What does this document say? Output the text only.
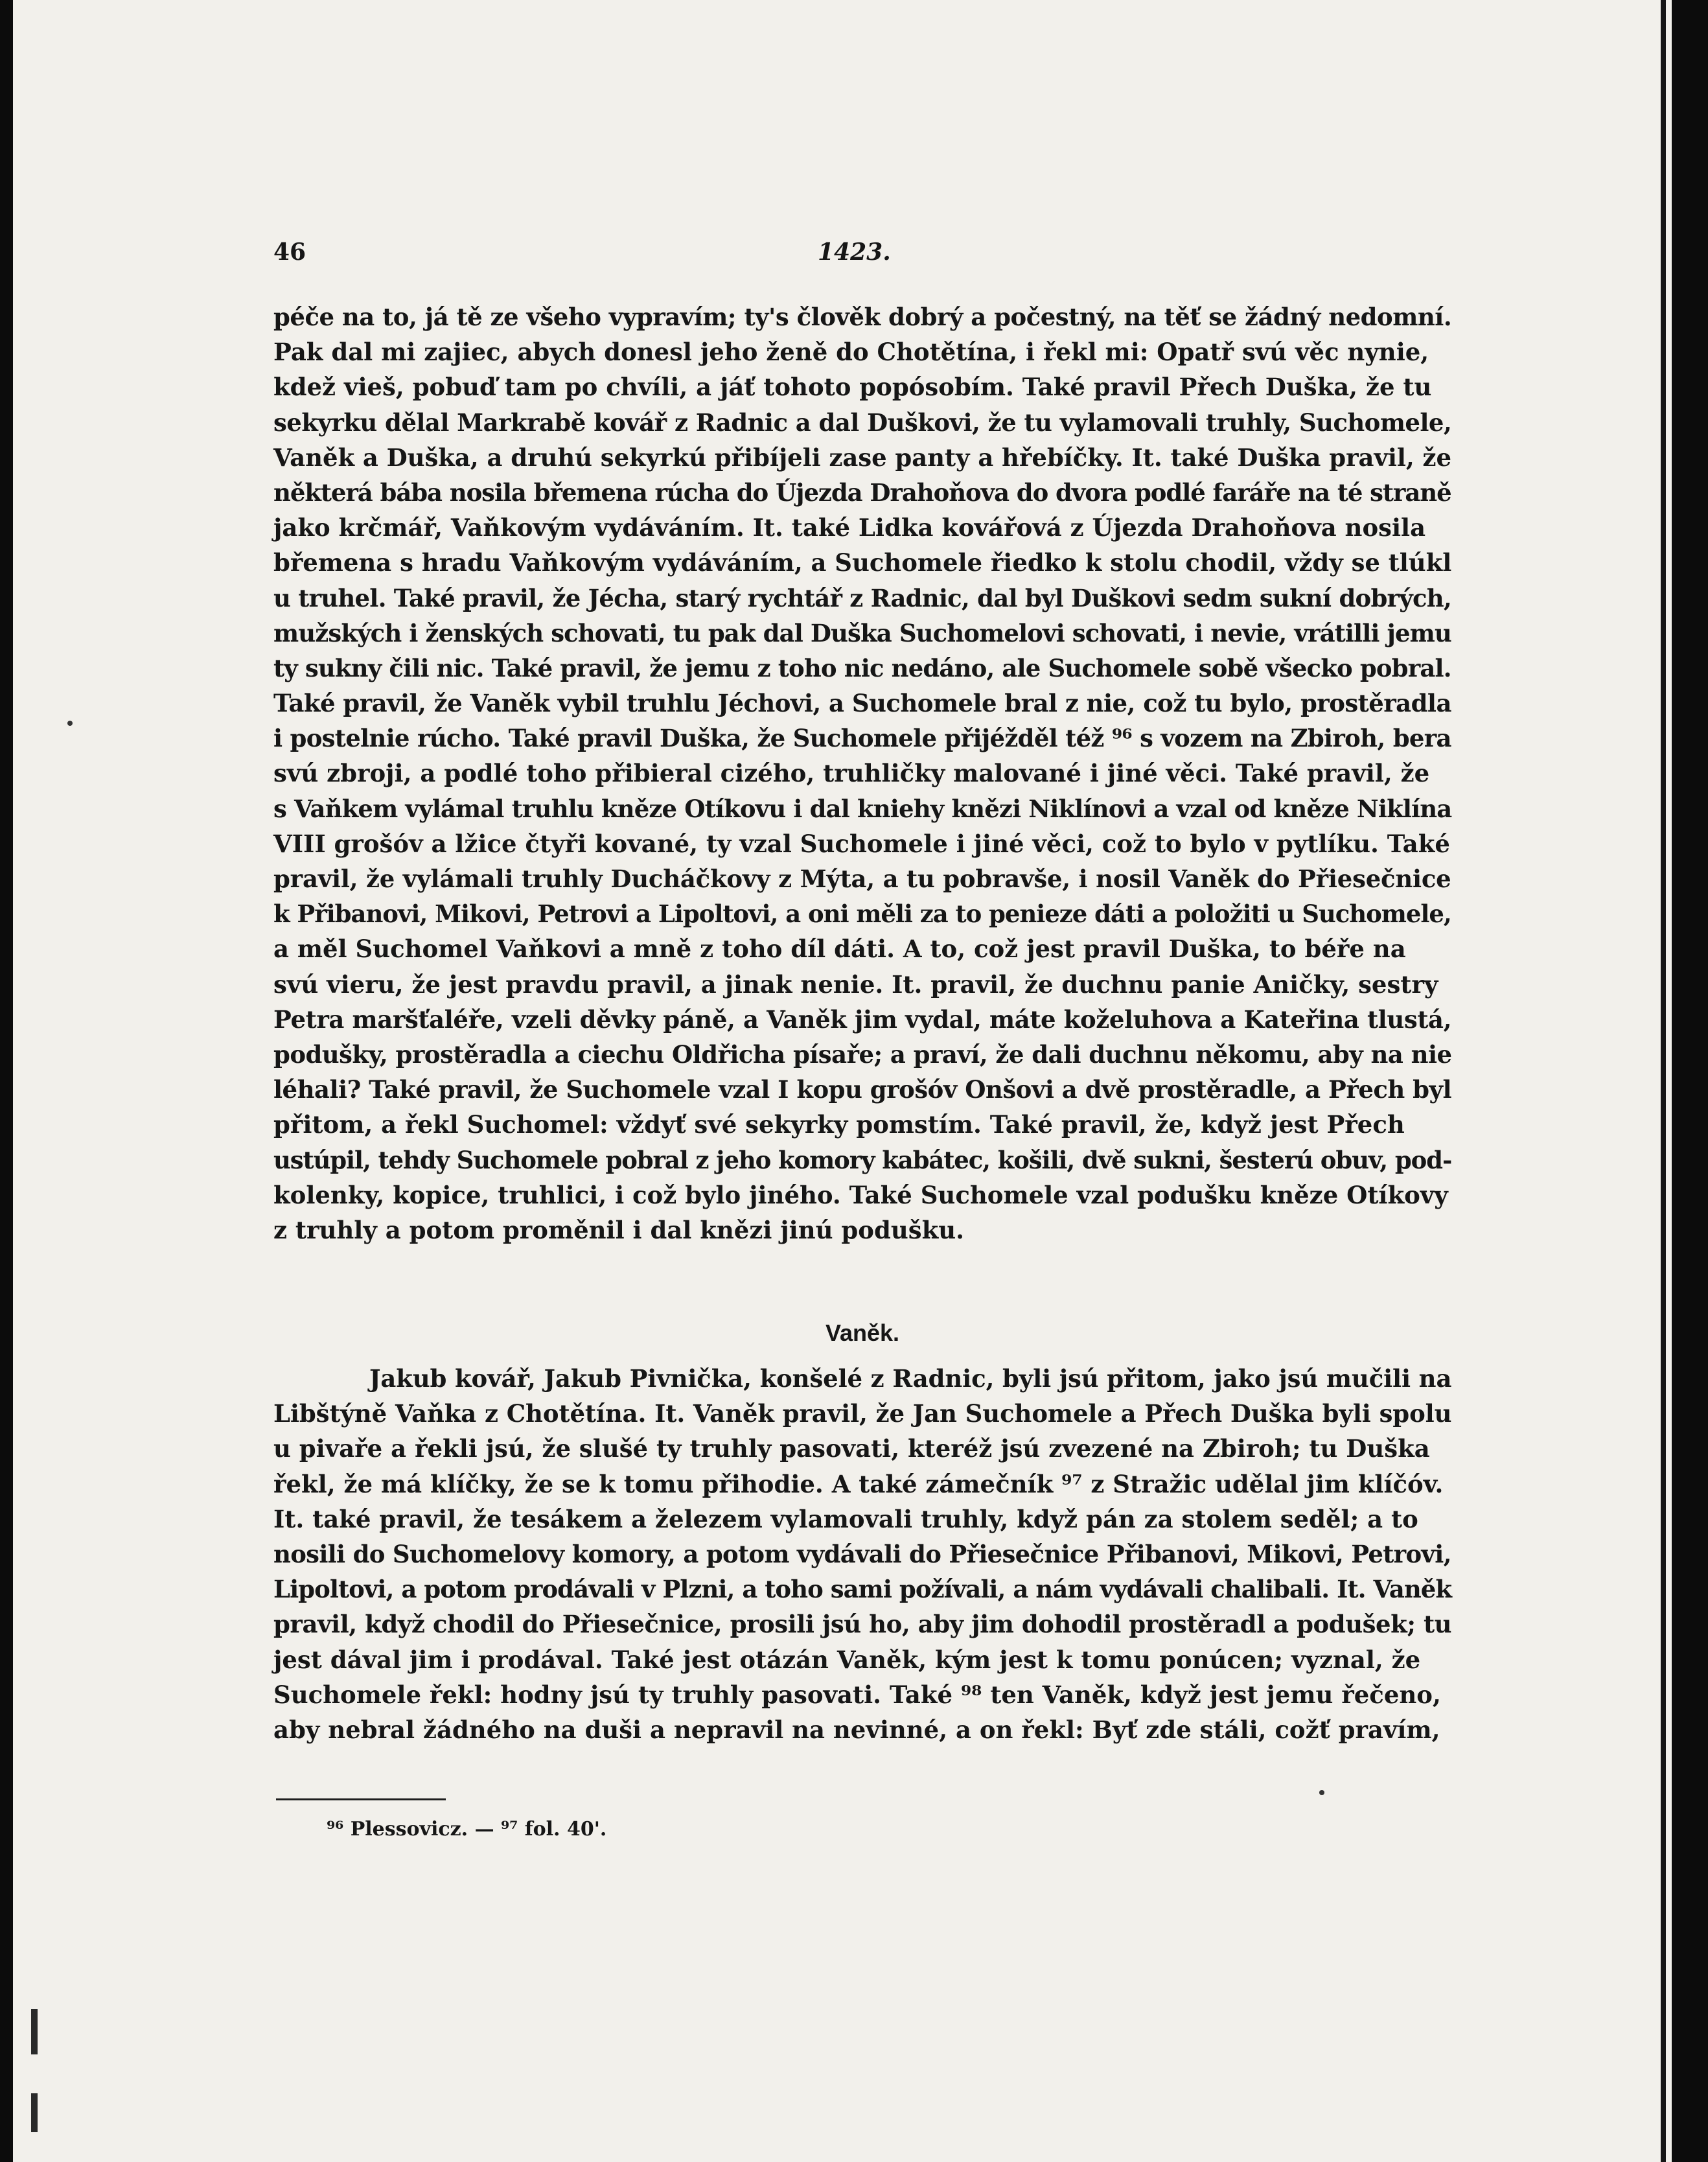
46	1423.
péče na to, já tě ze všeho vypravím; ty's člověk dobrý a počestný, na těť se žádný nedomní.
Pak dal mi zajiec, abych donesl jeho ženě do Chotětína, i řekl mi: Opatř svú věc nynie,
kdež vieš, pobuď tam po chvíli, a jáť tohoto popósobím. Také pravil Přech Duška, že tu
sekyrku dělal Markrabě kovář z Radnic a dal Duškovi, že tu vylamovali truhly, Suchomele,
Vaněk a Duška, a druhú sekyrkú přibíjeli zase panty a hřebíčky. It. také Duška pravil, že
některá bába nosila břemena rúcha do Újezda Drahoňova do dvora podlé faráře na té straně
jako krčmář, Vaňkovým vydáváním. It. také Lidka kovářová z Újezda Drahoňova nosila
břemena s hradu Vaňkovým vydáváním, a Suchomele řiedko k stolu chodil, vždy se tlúkl
u truhel. Také pravil, že Jécha, starý rychtář z Radnic, dal byl Duškovi sedm sukní dobrých,
mužských i ženských schovati, tu pak dal Duška Suchomelovi schovati, i nevie, vrátilli jemu
ty sukny čili nic. Také pravil, že jemu z toho nic nedáno, ale Suchomele sobě všecko pobral.
Také pravil, že Vaněk vybil truhlu Jéchovi, a Suchomele bral z nie, což tu bylo, prostěradla
i postelnie rúcho. Také pravil Duška, že Suchomele přijéžděl též ⁹⁶ s vozem na Zbiroh, bera
svú zbroji, a podlé toho přibieral cizého, truhličky malované i jiné věci. Také pravil, že
s Vaňkem vylámal truhlu kněze Otíkovu i dal kniehy knězi Niklínovi a vzal od kněze Niklína
VIII grošóv a lžice čtyři kované, ty vzal Suchomele i jiné věci, což to bylo v pytlíku. Také
pravil, že vylámali truhly Ducháčkovy z Mýta, a tu pobravše, i nosil Vaněk do Přiesečnice
k Přibanovi, Mikovi, Petrovi a Lipoltovi, a oni měli za to penieze dáti a položiti u Suchomele,
a měl Suchomel Vaňkovi a mně z toho díl dáti. A to, což jest pravil Duška, to béře na
svú vieru, že jest pravdu pravil, a jinak nenie. It. pravil, že duchnu panie Aničky, sestry
Petra maršťaléře, vzeli děvky páně, a Vaněk jim vydal, máte koželuhova a Kateřina tlustá,
podušky, prostěradla a ciechu Oldřicha písaře; a praví, že dali duchnu někomu, aby na nie
léhali? Také pravil, že Suchomele vzal I kopu grošóv Onšovi a dvě prostěradle, a Přech byl
přitom, a řekl Suchomel: vždyť své sekyrky pomstím. Také pravil, že, když jest Přech
ustúpil, tehdy Suchomele pobral z jeho komory kabátec, košili, dvě sukni, šesterú obuv, pod-
kolenky, kopice, truhlici, i což bylo jiného. Také Suchomele vzal podušku kněze Otíkovy
z truhly a potom proměnil i dal knězi jinú podušku.
Vaněk.
Jakub kovář, Jakub Pivnička, konšelé z Radnic, byli jsú přitom, jako jsú mučili na
Libštýně Vaňka z Chotětína. It. Vaněk pravil, že Jan Suchomele a Přech Duška byli spolu
u pivaře a řekli jsú, že slušé ty truhly pasovati, kteréž jsú zvezené na Zbiroh; tu Duška
řekl, že má klíčky, že se k tomu přihodie. A také zámečník ⁹⁷ z Stražic udělal jim klíčóv.
It. také pravil, že tesákem a železem vylamovali truhly, když pán za stolem seděl; a to
nosili do Suchomelovy komory, a potom vydávali do Přiesečnice Přibanovi, Mikovi, Petrovi,
Lipoltovi, a potom prodávali v Plzni, a toho sami požívali, a nám vydávali chalibali. It. Vaněk
pravil, když chodil do Přiesečnice, prosili jsú ho, aby jim dohodil prostěradl a podušek; tu
jest dával jim i prodával. Také jest otázán Vaněk, kým jest k tomu ponúcen; vyznal, že
Suchomele řekl: hodny jsú ty truhly pasovati. Také ⁹⁸ ten Vaněk, když jest jemu řečeno,
aby nebral žádného na duši a nepravil na nevinné, a on řekl: Byť zde stáli, cožť pravím,
⁹⁶ Plessovicz. — ⁹⁷ fol. 40'.
